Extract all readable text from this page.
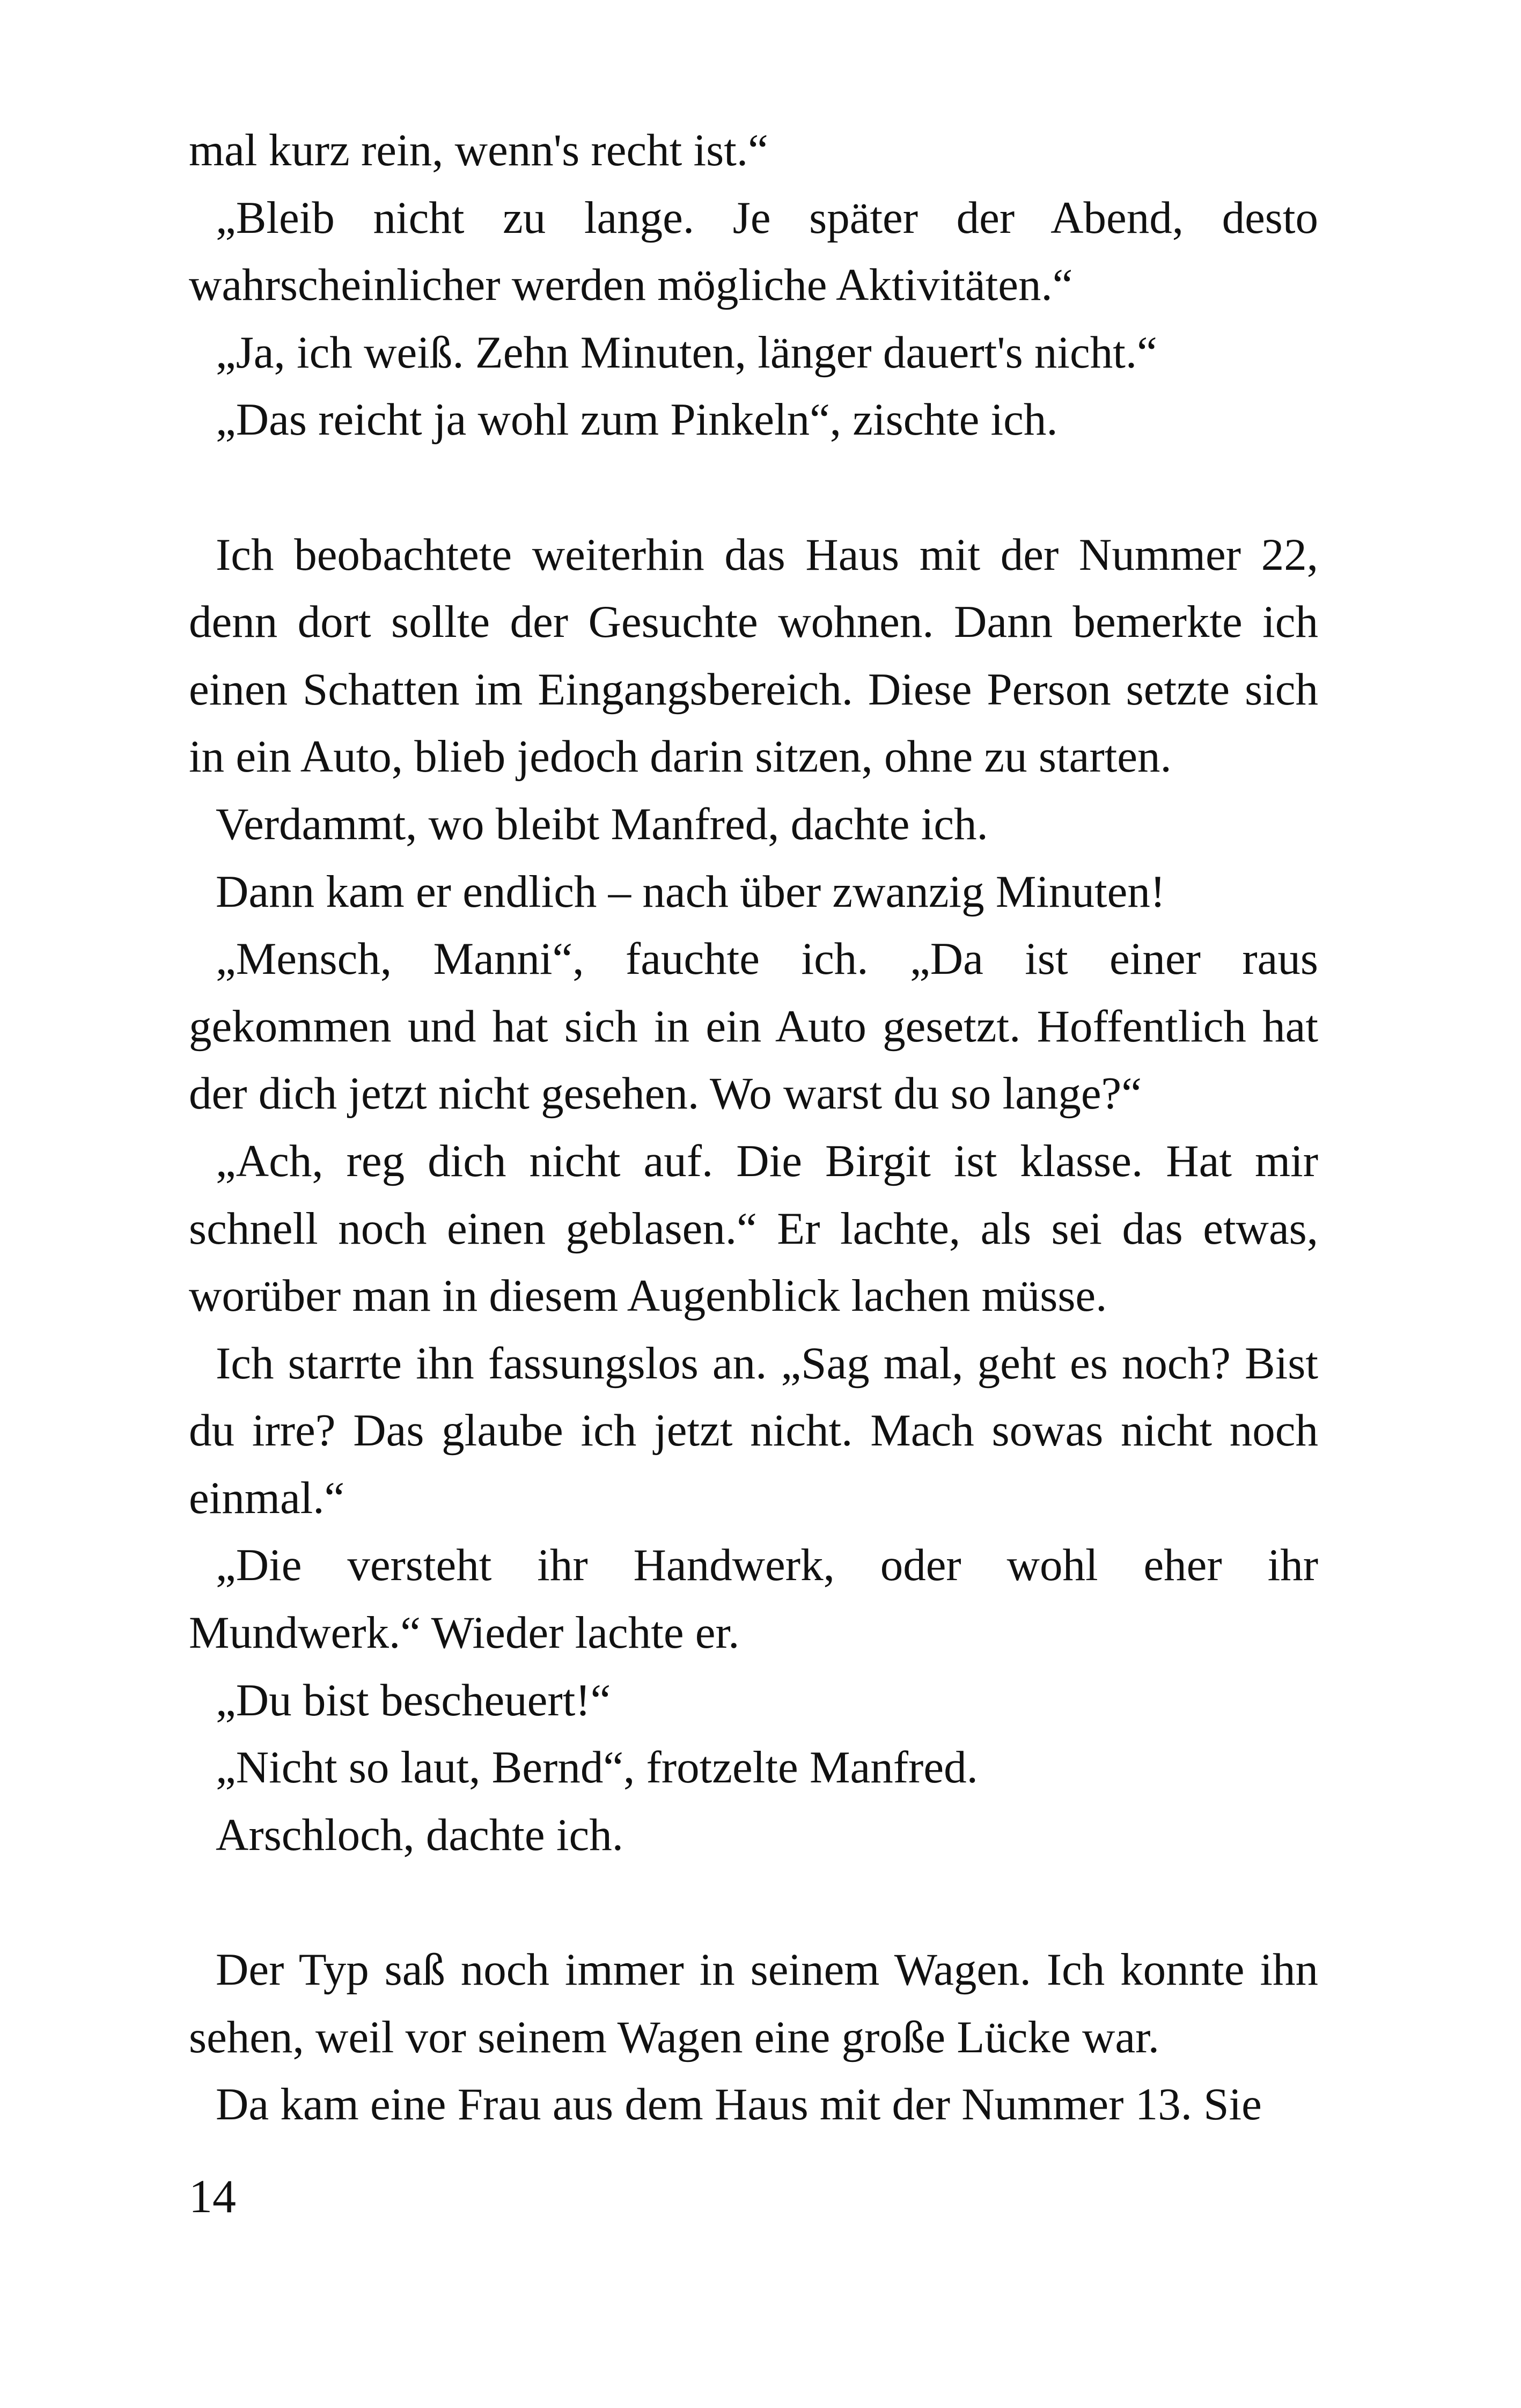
mal kurz rein, wenn's recht ist.“

„Bleib nicht zu lange. Je später der Abend, desto wahrscheinlicher werden mögliche Aktivitäten.“

„Ja, ich weiß. Zehn Minuten, länger dauert's nicht.“

„Das reicht ja wohl zum Pinkeln“, zischte ich.

Ich beobachtete weiterhin das Haus mit der Nummer 22, denn dort sollte der Gesuchte wohnen. Dann bemerkte ich einen Schatten im Eingangsbereich. Diese Person setzte sich in ein Auto, blieb jedoch darin sitzen, ohne zu starten.

Verdammt, wo bleibt Manfred, dachte ich.

Dann kam er endlich – nach über zwanzig Minuten!

„Mensch, Manni“, fauchte ich. „Da ist einer raus gekommen und hat sich in ein Auto gesetzt. Hoffentlich hat der dich jetzt nicht gesehen. Wo warst du so lange?“

„Ach, reg dich nicht auf. Die Birgit ist klasse. Hat mir schnell noch einen geblasen.“ Er lachte, als sei das etwas, worüber man in diesem Augenblick lachen müsse.

Ich starrte ihn fassungslos an. „Sag mal, geht es noch? Bist du irre? Das glaube ich jetzt nicht. Mach sowas nicht noch einmal.“

„Die versteht ihr Handwerk, oder wohl eher ihr Mundwerk.“ Wieder lachte er.

„Du bist bescheuert!“

„Nicht so laut, Bernd“, frotzelte Manfred.

Arschloch, dachte ich.

Der Typ saß noch immer in seinem Wagen. Ich konnte ihn sehen, weil vor seinem Wagen eine große Lücke war.

Da kam eine Frau aus dem Haus mit der Nummer 13. Sie

14
